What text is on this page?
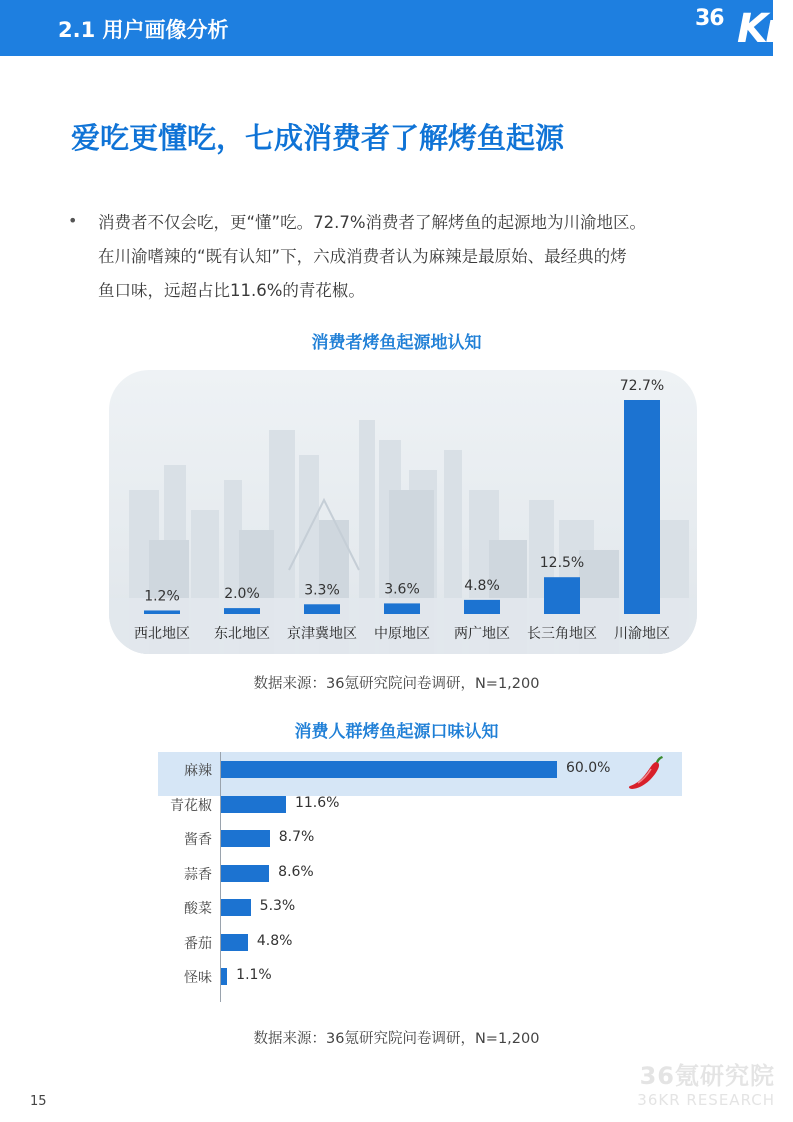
2.1 用户画像分析	36 Kr
爱吃更懂吃，七成消费者了解烤鱼起源
• 消费者不仅会吃，更“懂”吃。72.7%消费者了解烤鱼的起源地为川渝地区。
在川渝嗜辣的“既有认知”下，六成消费者认为麻辣是最原始、最经典的烤
鱼口味，远超占比11.6%的青花椒。
消费者烤鱼起源地认知
1.2%
西北地区
2.0%
东北地区
3.3%
京津冀地区
3.6%
中原地区
4.8%
两广地区
12.5%
长三角地区
72.7%
川渝地区
数据来源：36氪研究院问卷调研，N=1,200
消费人群烤鱼起源口味认知
麻辣	60.0%
青花椒	11.6%
酱香	8.7%
蒜香	8.6%
酸菜	5.3%
番茄	4.8%
怪味 1.1%
数据来源：36氪研究院问卷调研，N=1,200
36氪研究院
36KR RESEARCH
15
